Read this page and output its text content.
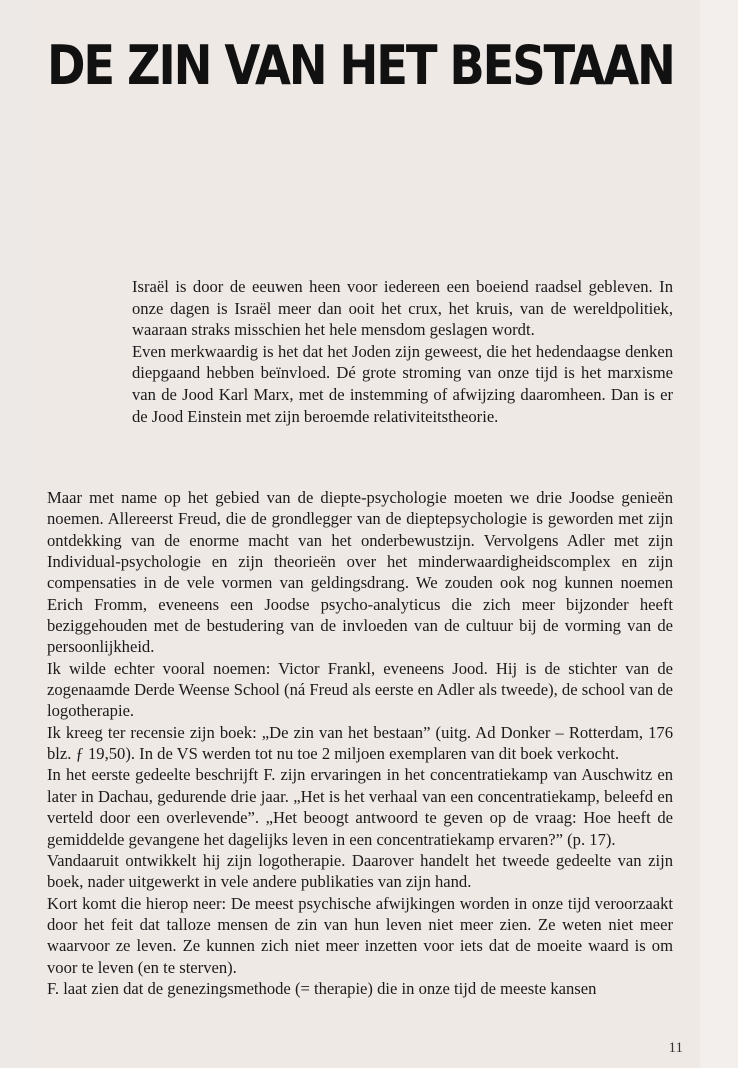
DE ZIN VAN HET BESTAAN

Israël is door de eeuwen heen voor iedereen een boeiend raadsel gebleven. In onze dagen is Israël meer dan ooit het crux, het kruis, van de wereldpolitiek, waaraan straks misschien het hele mensdom geslagen wordt.

Even merkwaardig is het dat het Joden zijn geweest, die het hedendaagse denken diepgaand hebben beïnvloed. Dé grote stroming van onze tijd is het marxisme van de Jood Karl Marx, met de instemming of afwijzing daaromheen. Dan is er de Jood Einstein met zijn beroemde relativiteitstheorie.

Maar met name op het gebied van de diepte-psychologie moeten we drie Joodse genieën noemen. Allereerst Freud, die de grondlegger van de dieptepsychologie is geworden met zijn ontdekking van de enorme macht van het onderbewustzijn. Vervolgens Adler met zijn Individual-psychologie en zijn theorieën over het minderwaardigheidscomplex en zijn compensaties in de vele vormen van geldingsdrang. We zouden ook nog kunnen noemen Erich Fromm, eveneens een Joodse psycho-analyticus die zich meer bijzonder heeft beziggehouden met de bestudering van de invloeden van de cultuur bij de vorming van de persoonlijkheid.

Ik wilde echter vooral noemen: Victor Frankl, eveneens Jood. Hij is de stichter van de zogenaamde Derde Weense School (ná Freud als eerste en Adler als tweede), de school van de logotherapie.

Ik kreeg ter recensie zijn boek: „De zin van het bestaan” (uitg. Ad Donker – Rotterdam, 176 blz. ƒ 19,50). In de VS werden tot nu toe 2 miljoen exemplaren van dit boek verkocht.

In het eerste gedeelte beschrijft F. zijn ervaringen in het concentratiekamp van Auschwitz en later in Dachau, gedurende drie jaar. „Het is het verhaal van een concentratiekamp, beleefd en verteld door een overlevende”. „Het beoogt antwoord te geven op de vraag: Hoe heeft de gemiddelde gevangene het dagelijks leven in een concentratiekamp ervaren?” (p. 17).

Vandaaruit ontwikkelt hij zijn logotherapie. Daarover handelt het tweede gedeelte van zijn boek, nader uitgewerkt in vele andere publikaties van zijn hand.

Kort komt die hierop neer: De meest psychische afwijkingen worden in onze tijd veroorzaakt door het feit dat talloze mensen de zin van hun leven niet meer zien. Ze weten niet meer waarvoor ze leven. Ze kunnen zich niet meer inzetten voor iets dat de moeite waard is om voor te leven (en te sterven).

F. laat zien dat de genezingsmethode (= therapie) die in onze tijd de meeste kansen

11
